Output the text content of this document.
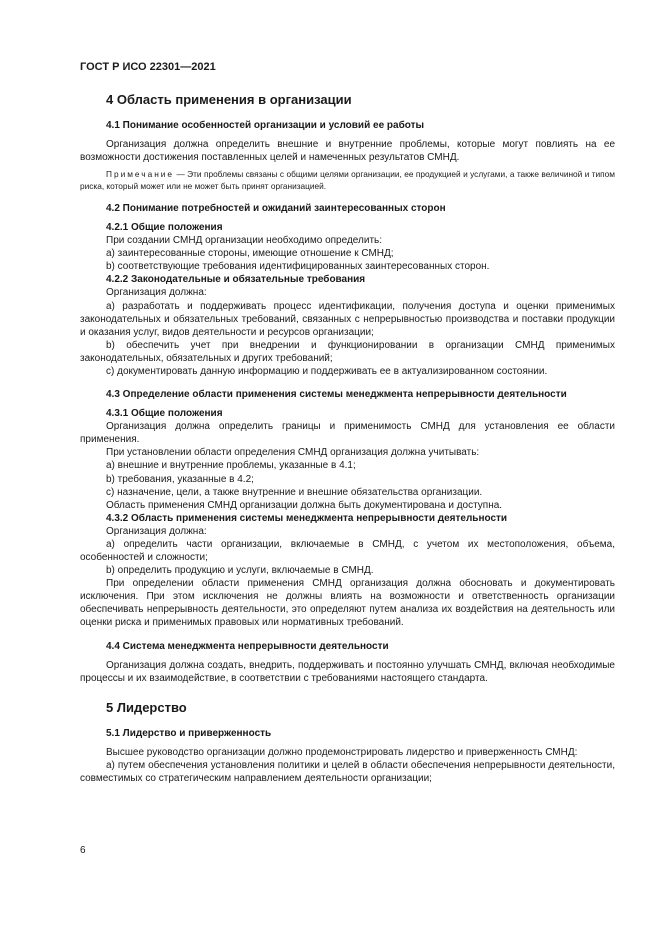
ГОСТ Р ИСО 22301—2021
4 Область применения в организации
4.1 Понимание особенностей организации и условий ее работы

Организация должна определить внешние и внутренние проблемы, которые могут повлиять на ее возможности достижения поставленных целей и намеченных результатов СМНД.

Примечание — Эти проблемы связаны с общими целями организации, ее продукцией и услугами, а также величиной и типом риска, который может или не может быть принят организацией.

4.2 Понимание потребностей и ожиданий заинтересованных сторон
4.2.1 Общие положения

При создании СМНД организации необходимо определить:

a) заинтересованные стороны, имеющие отношение к СМНД;

b) соответствующие требования идентифицированных заинтересованных сторон.

4.2.2 Законодательные и обязательные требования

Организация должна:

a) разработать и поддерживать процесс идентификации, получения доступа и оценки применимых законодательных и обязательных требований, связанных с непрерывностью производства и поставки продукции и оказания услуг, видов деятельности и ресурсов организации;

b) обеспечить учет при внедрении и функционировании в организации СМНД применимых законодательных, обязательных и других требований;

c) документировать данную информацию и поддерживать ее в актуализированном состоянии.

4.3 Определение области применения системы менеджмента непрерывности деятельности
4.3.1 Общие положения

Организация должна определить границы и применимость СМНД для установления ее области применения.

При установлении области определения СМНД организация должна учитывать:

a) внешние и внутренние проблемы, указанные в 4.1;

b) требования, указанные в 4.2;

c) назначение, цели, а также внутренние и внешние обязательства организации.

Область применения СМНД организации должна быть документирована и доступна.

4.3.2 Область применения системы менеджмента непрерывности деятельности

Организация должна:

a) определить части организации, включаемые в СМНД, с учетом их местоположения, объема, особенностей и сложности;

b) определить продукцию и услуги, включаемые в СМНД.

При определении области применения СМНД организация должна обосновать и документировать исключения. При этом исключения не должны влиять на возможности и ответственность организации обеспечивать непрерывность деятельности, это определяют путем анализа их воздействия на деятельность или оценки риска и применимых правовых или нормативных требований.

4.4 Система менеджмента непрерывности деятельности

Организация должна создать, внедрить, поддерживать и постоянно улучшать СМНД, включая необходимые процессы и их взаимодействие, в соответствии с требованиями настоящего стандарта.

5 Лидерство
5.1 Лидерство и приверженность

Высшее руководство организации должно продемонстрировать лидерство и приверженность СМНД:

a) путем обеспечения установления политики и целей в области обеспечения непрерывности деятельности, совместимых со стратегическим направлением деятельности организации;

6
